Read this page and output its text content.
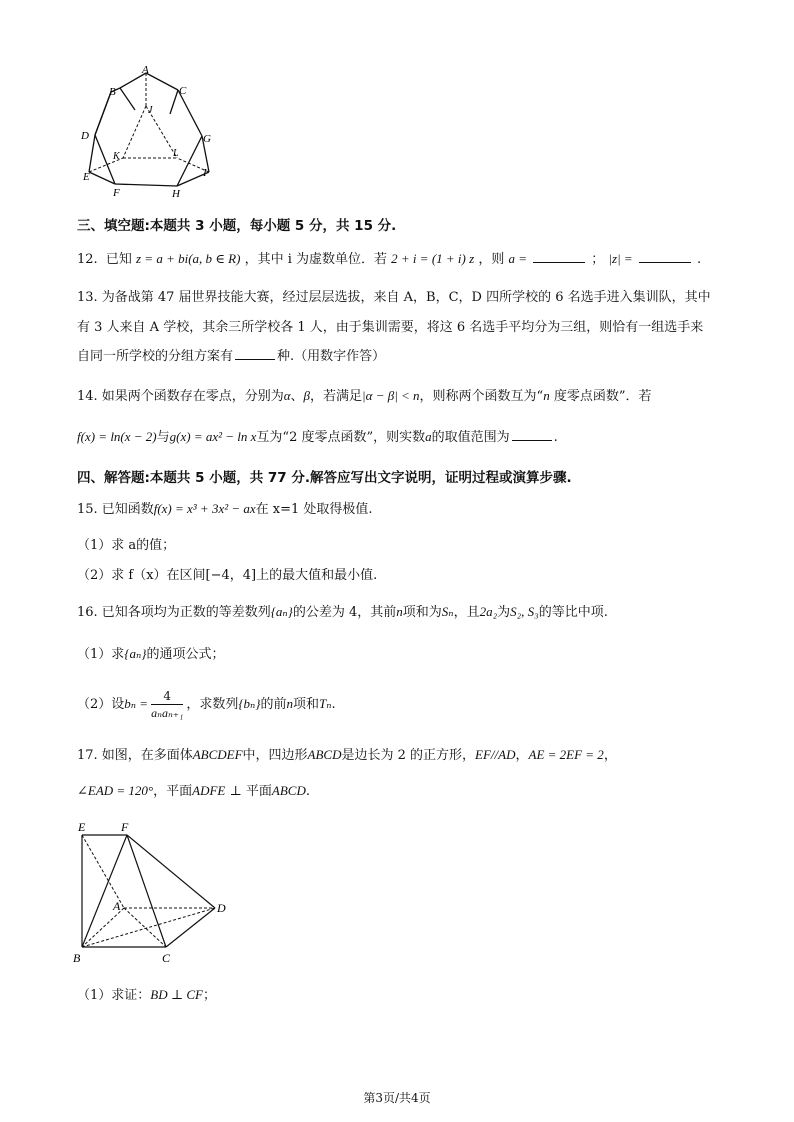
A
B	C
D
E
F
G
H
I
J
K	L
三、填空题:本题共 3 小题，每小题 5 分，共 15 分.
12. 已知 z = a + bi(a, b ∈ R) ，其中 i 为虚数单位．若 2 + i = (1 + i) z ，则 a =	； |z| =	.
13. 为备战第 47 届世界技能大赛，经过层层选拔，来自 A，B，C，D 四所学校的 6 名选手进入集训队，其中
有 3 人来自 A 学校，其余三所学校各 1 人，由于集训需要，将这 6 名选手平均分为三组，则恰有一组选手来
自同一所学校的分组方案有	种.（用数字作答）
14. 如果两个函数存在零点，分别为α、β，若满足|α − β| < n，则称两个函数互为“n 度零点函数”．若
f(x) = ln(x − 2)与g(x) = ax² − ln x互为“2 度零点函数”，则实数a的取值范围为	.
四、解答题:本题共 5 小题，共 77 分.解答应写出文字说明，证明过程或演算步骤.
15. 已知函数f(x) = x³ + 3x² − ax在 x=1 处取得极值.
（1）求 a的值；
（2）求 f（x）在区间[−4，4]上的最大值和最小值.
16. 已知各项均为正数的等差数列{aₙ}的公差为 4，其前n项和为Sₙ，且2a₂为S₂, S₃的等比中项.
（1）求{aₙ}的通项公式；
（2）设$b_n = \frac{4}{\text{aₙaₙ₊₁}}$ ，求数列{bₙ}的前n项和Tₙ.
17. 如图，在多面体ABCDEF中，四边形ABCD是边长为 2 的正方形，EF//AD，AE = 2EF = 2，
∠EAD = 120°，平面ADFE ⊥ 平面ABCD.
E	F
A	D
B	C
（1）求证：BD ⊥ CF；
第3页/共4页
